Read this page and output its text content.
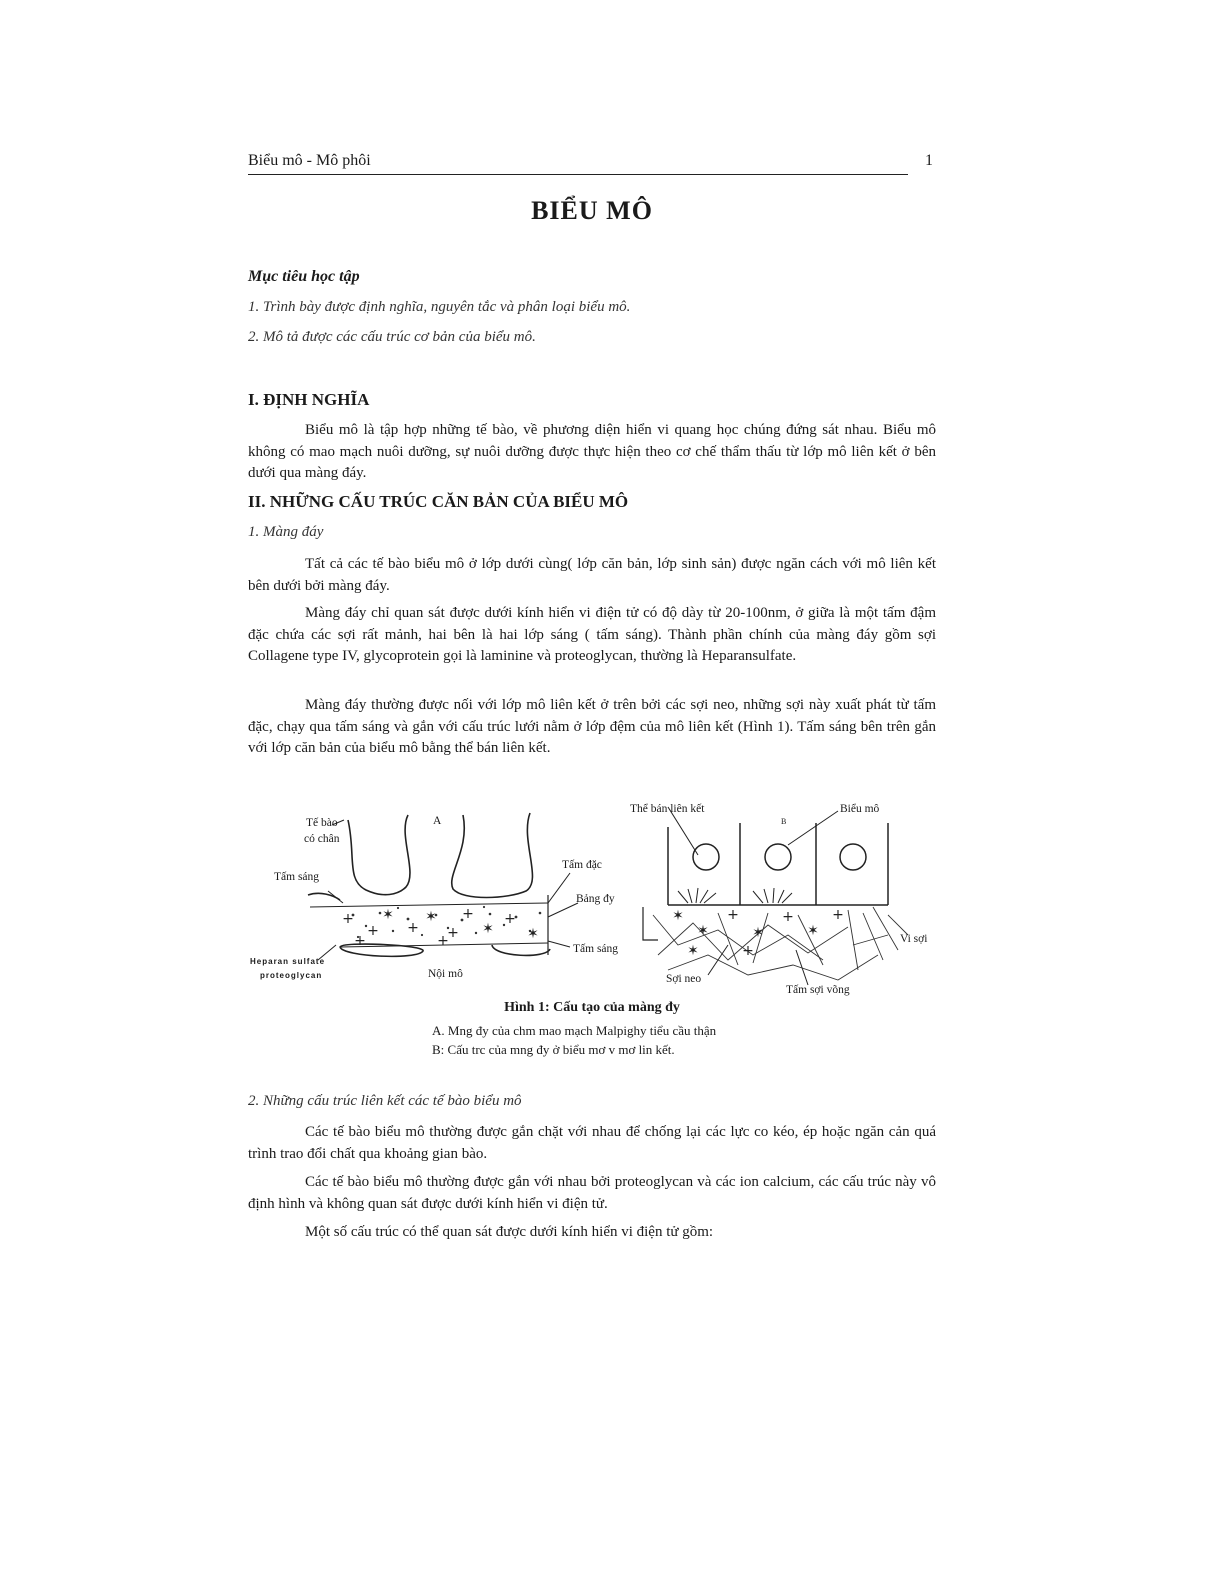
Biểu mô - Mô phôi	1
BIỂU MÔ
Mục tiêu học tập
1. Trình bày được định nghĩa, nguyên tắc và phân loại biểu mô.
2. Mô tả được các cấu trúc cơ bản của biểu mô.
I. ĐỊNH NGHĨA

Biểu mô là tập hợp những tế bào, về phương diện hiển vi quang học chúng đứng sát nhau. Biểu mô không có mao mạch nuôi dưỡng, sự nuôi dưỡng được thực hiện theo cơ chế thẩm thấu từ lớp mô liên kết ở bên dưới qua màng đáy.

II. NHỮNG CẤU TRÚC CĂN BẢN CỦA BIỂU MÔ
1. Màng đáy

Tất cả các tế bào biểu mô ở lớp dưới cùng( lớp căn bản, lớp sinh sản) được ngăn cách với mô liên kết bên dưới bởi màng đáy.

Màng đáy chỉ quan sát được dưới kính hiển vi điện tử có độ dày từ 20-100nm, ở giữa là một tấm đậm đặc chứa các sợi rất mảnh, hai bên là hai lớp sáng ( tấm sáng). Thành phần chính của màng đáy gồm sợi Collagene type IV, glycoprotein gọi là laminine và proteoglycan, thường là Heparansulfate.

Màng đáy thường được nối với lớp mô liên kết ở trên bởi các sợi neo, những sợi này xuất phát từ tấm đặc, chạy qua tấm sáng và gắn với cấu trúc lưới nằm ở lớp đệm của mô liên kết (Hình 1). Tấm sáng bên trên gắn với lớp căn bản của biểu mô bằng thể bán liên kết.

+
+
✶
+
✶
+
+
✶
+
✶
+	+
✶
✶
+
✶
+
✶
+
✶	+
A	B
Tế bào
có chân
Tấm sáng
Heparan sulfate
proteoglycan	Nội mô
Tấm đặc
Bảng đy
Tấm sáng
Thể bán liên kết	Biểu mô
Vi sợi
Sợi neo
Tấm sợi võng
Hình 1: Cấu tạo của màng đy
A. Mng đy của chm mao mạch Malpighy tiểu cầu thận
B: Cấu trc của mng đy ở biểu mơ v mơ lin kết.
2. Những cấu trúc liên kết các tế bào biểu mô

Các tế bào biểu mô thường được gắn chặt với nhau để chống lại các lực co kéo, ép hoặc ngăn cản quá trình trao đổi chất qua khoảng gian bào.

Các tế bào biểu mô thường được gắn với nhau bởi proteoglycan và các ion calcium, các cấu trúc này vô định hình và không quan sát được dưới kính hiển vi điện tử.

Một số cấu trúc có thể quan sát được dưới kính hiển vi điện tử gồm:
